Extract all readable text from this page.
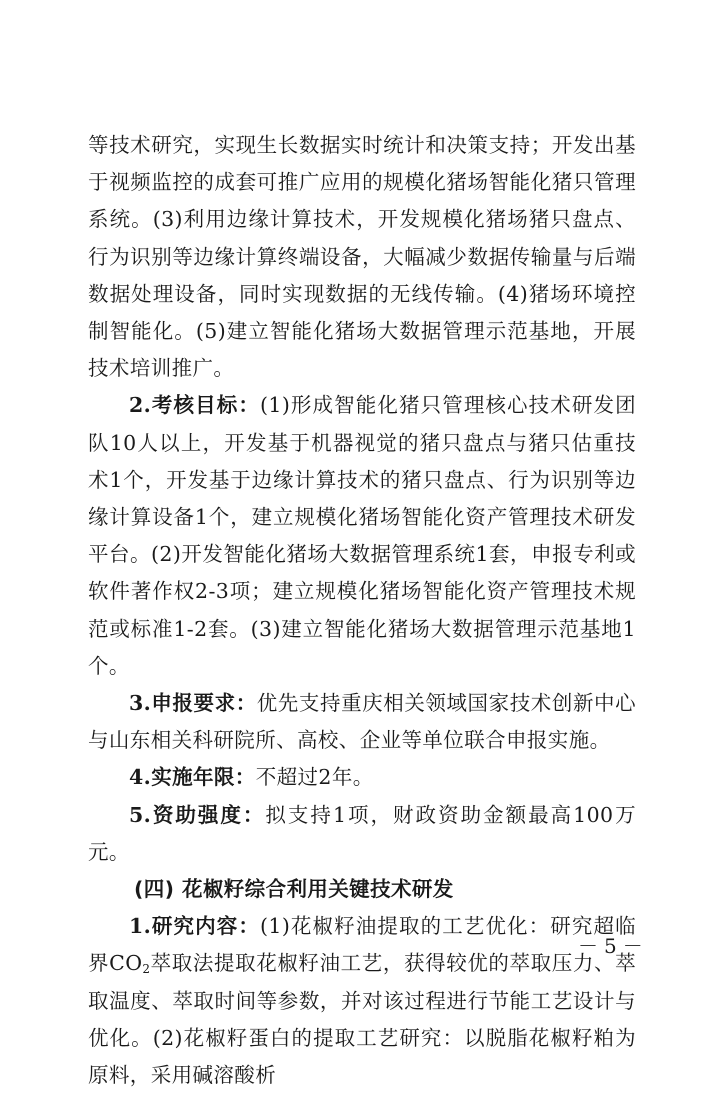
等技术研究，实现生长数据实时统计和决策支持；开发出基于视频监控的成套可推广应用的规模化猪场智能化猪只管理系统。(3)利用边缘计算技术，开发规模化猪场猪只盘点、行为识别等边缘计算终端设备，大幅减少数据传输量与后端数据处理设备，同时实现数据的无线传输。(4)猪场环境控制智能化。(5)建立智能化猪场大数据管理示范基地，开展技术培训推广。

2.考核目标：(1)形成智能化猪只管理核心技术研发团队10人以上，开发基于机器视觉的猪只盘点与猪只估重技术1个，开发基于边缘计算技术的猪只盘点、行为识别等边缘计算设备1个，建立规模化猪场智能化资产管理技术研发平台。(2)开发智能化猪场大数据管理系统1套，申报专利或软件著作权2-3项；建立规模化猪场智能化资产管理技术规范或标准1-2套。(3)建立智能化猪场大数据管理示范基地1个。

3.申报要求：优先支持重庆相关领域国家技术创新中心与山东相关科研院所、高校、企业等单位联合申报实施。

4.实施年限：不超过2年。

5.资助强度：拟支持1项，财政资助金额最高100万元。

(四) 花椒籽综合利用关键技术研发

1.研究内容：(1)花椒籽油提取的工艺优化：研究超临界$CO_2$萃取法提取花椒籽油工艺，获得较优的萃取压力、萃取温度、萃取时间等参数，并对该过程进行节能工艺设计与优化。(2)花椒籽蛋白的提取工艺研究：以脱脂花椒籽粕为原料，采用碱溶酸析

－5－
